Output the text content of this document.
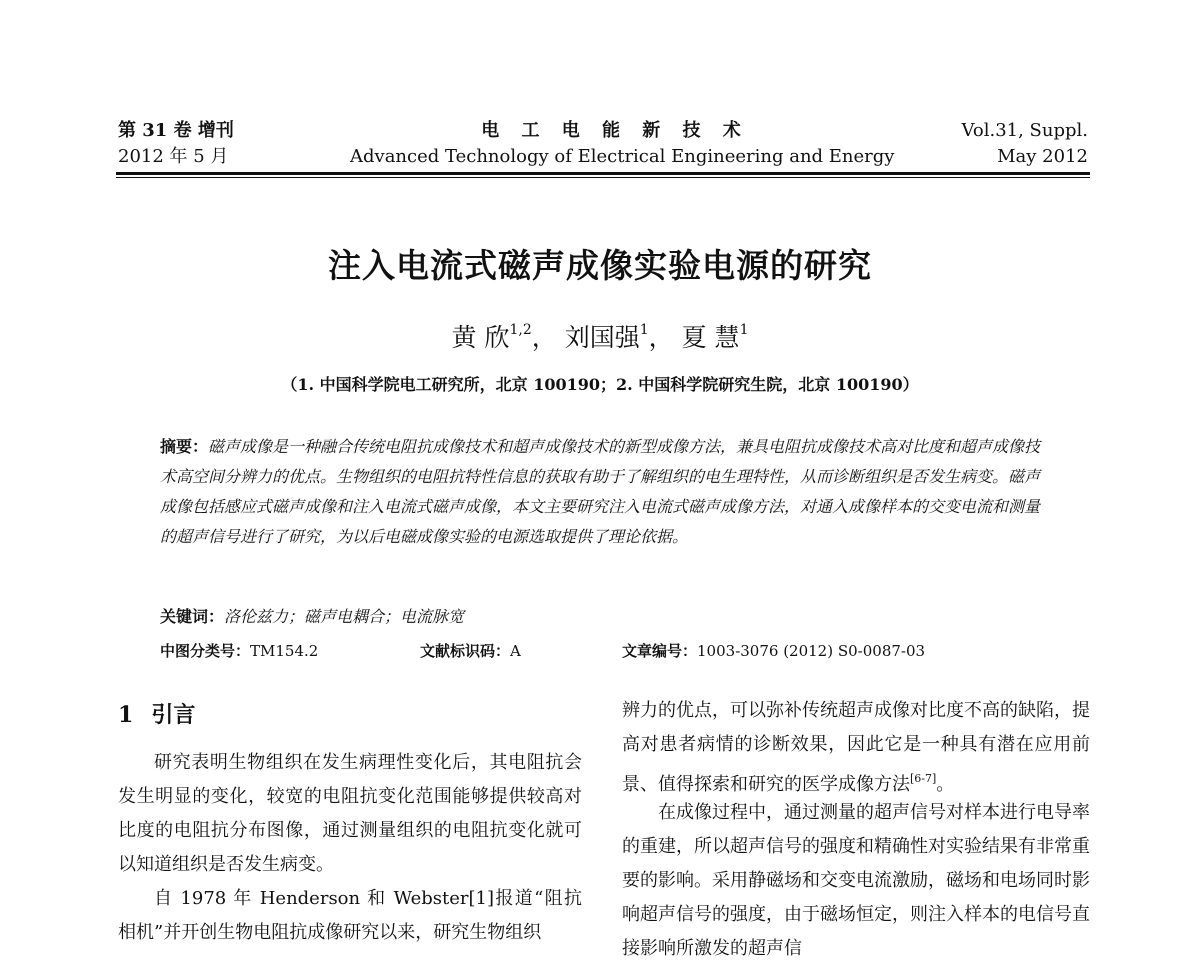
第 31 卷 增刊
2012 年 5 月
电 工 电 能 新 技 术
Advanced Technology of Electrical Engineering and Energy
Vol.31, Suppl.
May 2012
注入电流式磁声成像实验电源的研究
黄 欣$^{1,2}$， 刘国强$^1$， 夏 慧$^1$
（1. 中国科学院电工研究所，北京 100190；2. 中国科学院研究生院，北京 100190）
摘要：磁声成像是一种融合传统电阻抗成像技术和超声成像技术的新型成像方法，兼具电阻抗成像技术高对比度和超声成像技术高空间分辨力的优点。生物组织的电阻抗特性信息的获取有助于了解组织的电生理特性，从而诊断组织是否发生病变。磁声成像包括感应式磁声成像和注入电流式磁声成像，本文主要研究注入电流式磁声成像方法，对通入成像样本的交变电流和测量的超声信号进行了研究，为以后电磁成像实验的电源选取提供了理论依据。
关键词：洛伦兹力；磁声电耦合；电流脉宽
中图分类号：TM154.2	文献标识码：A	文章编号：1003-3076 (2012) S0-0087-03
1 引言
研究表明生物组织在发生病理性变化后，其电阻抗会发生明显的变化，较宽的电阻抗变化范围能够提供较高对比度的电阻抗分布图像，通过测量组织的电阻抗变化就可以知道组织是否发生病变。
自 1978 年 Henderson 和 Webster[1]报道“阻抗相机”并开创生物电阻抗成像研究以来，研究生物组织
辨力的优点，可以弥补传统超声成像对比度不高的缺陷，提高对患者病情的诊断效果，因此它是一种具有潜在应用前景、值得探索和研究的医学成像方法[6-7]。
在成像过程中，通过测量的超声信号对样本进行电导率的重建，所以超声信号的强度和精确性对实验结果有非常重要的影响。采用静磁场和交变电流激励，磁场和电场同时影响超声信号的强度，由于磁场恒定，则注入样本的电信号直接影响所激发的超声信
